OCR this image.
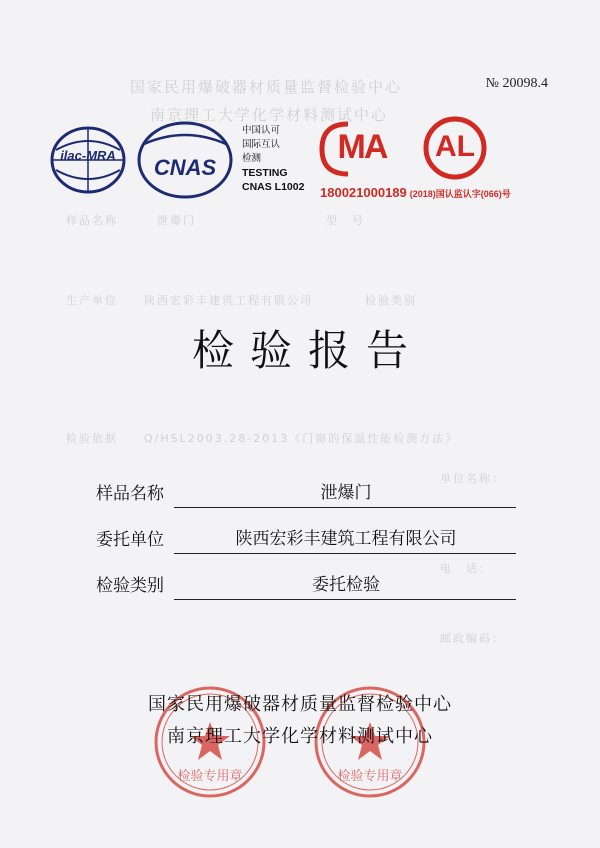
国家民用爆破器材质量监督检验中心
南京理工大学化学材料测试中心
样品名称　　　泄爆门　　　　　　　　　　型　号
生产单位　　陕西宏彩丰建筑工程有限公司　　　　检验类别
检验依据　　Q/HSL2003.28-2013《门窗的保温性能检测方法》
单位名称：
电　话：
邮政编码：
№ 20098.4
ilac-MRA	CNAS
中国认可
国际互认
检测
TESTING
CNAS L1002
MA	AL
180021000189 (2018)国认监认字(066)号
检验报告
样品名称	泄爆门
委托单位	陕西宏彩丰建筑工程有限公司
检验类别	委托检验
检验专用章	检验专用章
国家民用爆破器材质量监督检验中心
南京理工大学化学材料测试中心
